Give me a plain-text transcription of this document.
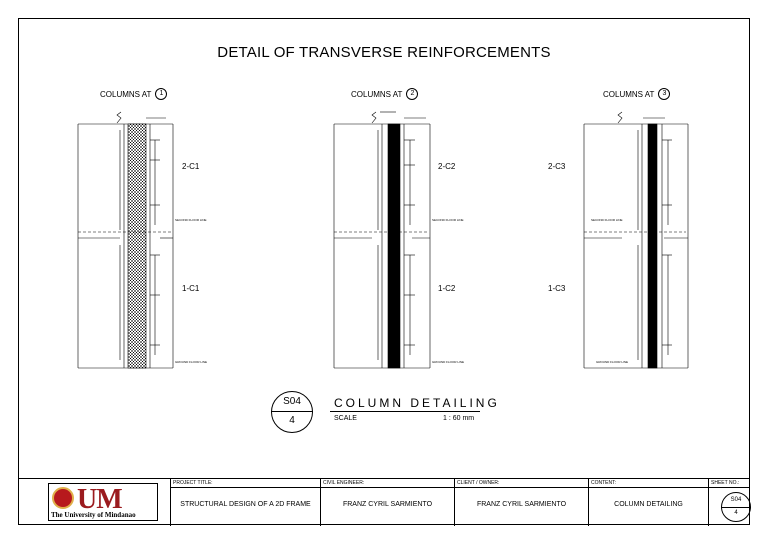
DETAIL OF TRANSVERSE REINFORCEMENTS
COLUMNS AT	1	COLUMNS AT	2	COLUMNS AT	3
2-C1
1-C1
2-C2
1-C2
2-C3
1-C3
SECOND FLOOR LINE
GROUND FLOOR LINE
SECOND FLOOR LINE
GROUND FLOOR LINE
SECOND FLOOR LINE
GROUND FLOOR LINE
S04
4
COLUMN DETAILING
SCALE	1 : 60 mm
UM
The University of Mindanao
PROJECT TITLE:
STRUCTURAL DESIGN OF A 2D FRAME
CIVIL ENGINEER:
FRANZ CYRIL SARMIENTO
CLIENT / OWNER:
FRANZ CYRIL SARMIENTO
CONTENT:
COLUMN DETAILING
SHEET NO.:
S04
4
